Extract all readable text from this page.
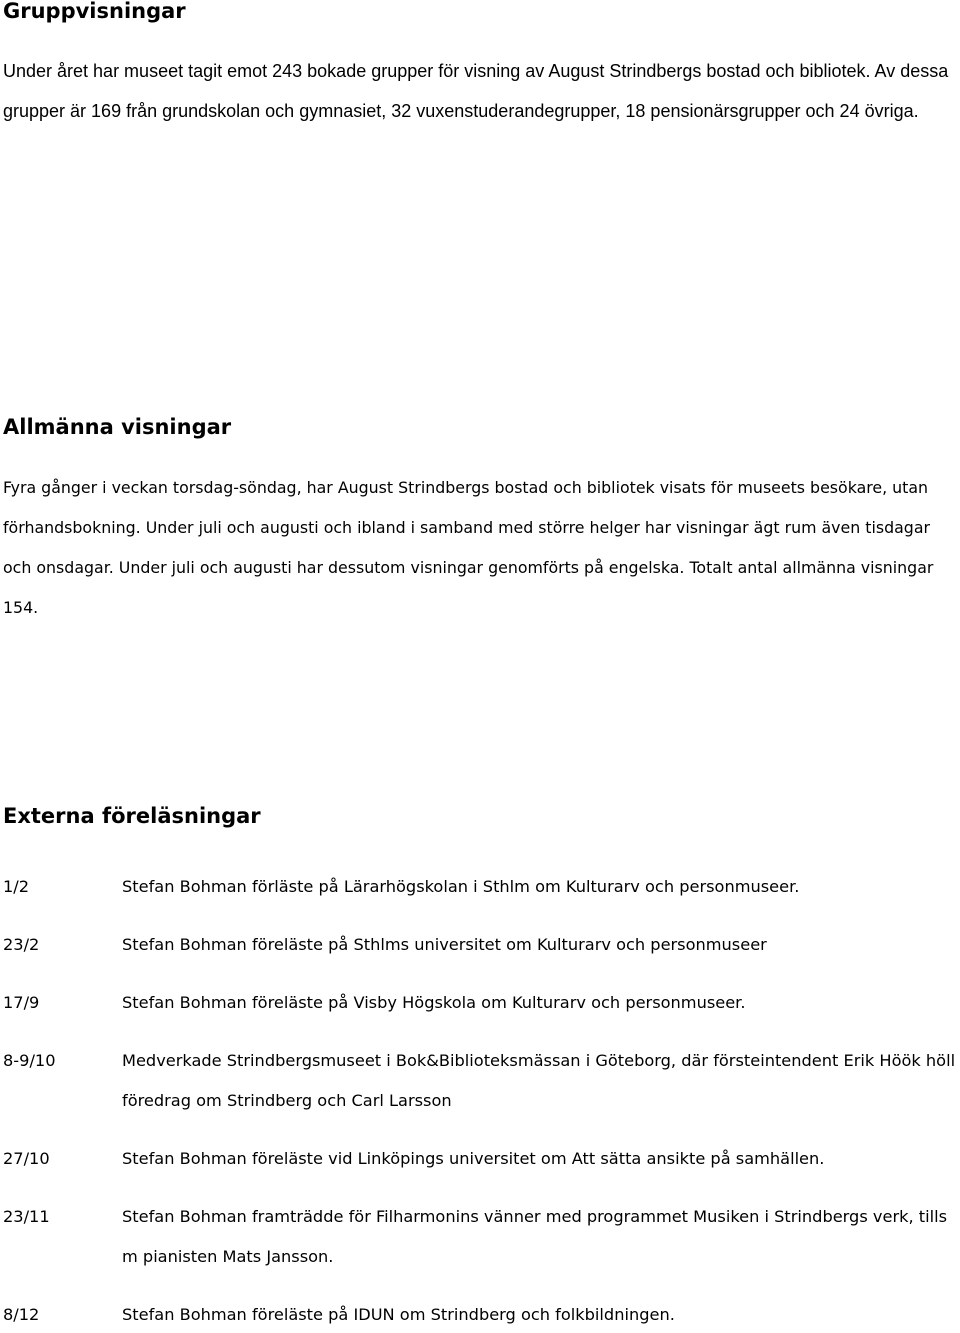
Gruppvisningar

Under året har museet tagit emot 243 bokade grupper för visning av August Strindbergs bostad och bibliotek. Av dessa grupper är 169 från grundskolan och gymnasiet, 32 vuxenstuderandegrupper, 18 pensionärsgrupper och 24 övriga.

Allmänna visningar

Fyra gånger i veckan torsdag-söndag, har August Strindbergs bostad och bibliotek visats för museets besökare, utan förhandsbokning. Under juli och augusti och ibland i samband med större helger har visningar ägt rum även tisdagar och onsdagar. Under juli och augusti har dessutom visningar genomförts på engelska. Totalt antal allmänna visningar 154.

Externa föreläsningar
1/2	Stefan Bohman förläste på Lärarhögskolan i Sthlm om Kulturarv och personmuseer.
23/2	Stefan Bohman föreläste på Sthlms universitet om Kulturarv och personmuseer
17/9	Stefan Bohman föreläste på Visby Högskola om Kulturarv och personmuseer.
8-9/10	Medverkade Strindbergsmuseet i Bok&Biblioteksmässan i Göteborg, där försteintendent Erik Höök höll
föredrag om Strindberg och Carl Larsson
27/10	Stefan Bohman föreläste vid Linköpings universitet om Att sätta ansikte på samhällen.
23/11	Stefan Bohman framträdde för Filharmonins vänner med programmet Musiken i Strindbergs verk, tills
m pianisten Mats Jansson.
8/12	Stefan Bohman föreläste på IDUN om Strindberg och folkbildningen.
